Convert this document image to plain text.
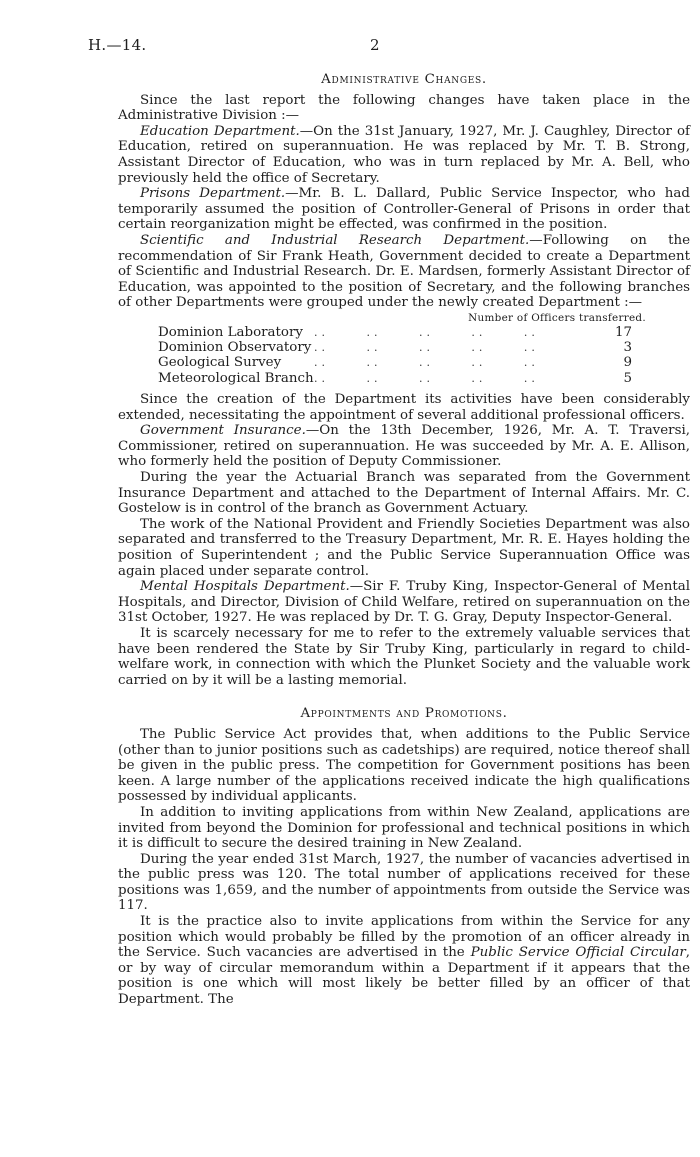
H.—14.	2
Administrative Changes.

Since the last report the following changes have taken place in the Administrative Division :—

Education Department.—On the 31st January, 1927, Mr. J. Caughley, Director of Education, retired on superannuation. He was replaced by Mr. T. B. Strong, Assistant Director of Education, who was in turn replaced by Mr. A. Bell, who previously held the office of Secretary.

Prisons Department.—Mr. B. L. Dallard, Public Service Inspector, who had temporarily assumed the position of Controller-General of Prisons in order that certain reorganization might be effected, was confirmed in the position.

Scientific and Industrial Research Department.—Following on the recommendation of Sir Frank Heath, Government decided to create a Department of Scientific and Industrial Research. Dr. E. Mardsen, formerly Assistant Director of Education, was appointed to the position of Secretary, and the following branches of other Departments were grouped under the newly created Department :—

Number of Officers transferred.
Dominion Laboratory ..     ..     ..     ..     ..	17
Dominion Observatory ..     ..     ..     ..     ..	3
Geological Survey	..     ..     ..     ..     ..	9
Meteorological Branch ..     ..     ..     ..     ..	5

Since the creation of the Department its activities have been considerably extended, necessitating the appointment of several additional professional officers.

Government Insurance.—On the 13th December, 1926, Mr. A. T. Traversi, Commissioner, retired on superannuation. He was succeeded by Mr. A. E. Allison, who formerly held the position of Deputy Commissioner.

During the year the Actuarial Branch was separated from the Government Insurance Department and attached to the Department of Internal Affairs. Mr. C. Gostelow is in control of the branch as Government Actuary.

The work of the National Provident and Friendly Societies Department was also separated and transferred to the Treasury Department, Mr. R. E. Hayes holding the position of Superintendent ; and the Public Service Superannuation Office was again placed under separate control.

Mental Hospitals Department.—Sir F. Truby King, Inspector-General of Mental Hospitals, and Director, Division of Child Welfare, retired on superannuation on the 31st October, 1927. He was replaced by Dr. T. G. Gray, Deputy Inspector-General.

It is scarcely necessary for me to refer to the extremely valuable services that have been rendered the State by Sir Truby King, particularly in regard to child-welfare work, in connection with which the Plunket Society and the valuable work carried on by it will be a lasting memorial.

Appointments and Promotions.

The Public Service Act provides that, when additions to the Public Service (other than to junior positions such as cadetships) are required, notice thereof shall be given in the public press. The competition for Government positions has been keen. A large number of the applications received indicate the high qualifications possessed by individual applicants.

In addition to inviting applications from within New Zealand, applications are invited from beyond the Dominion for professional and technical positions in which it is difficult to secure the desired training in New Zealand.

During the year ended 31st March, 1927, the number of vacancies advertised in the public press was 120. The total number of applications received for these positions was 1,659, and the number of appointments from outside the Service was 117.

It is the practice also to invite applications from within the Service for any position which would probably be filled by the promotion of an officer already in the Service. Such vacancies are advertised in the Public Service Official Circular, or by way of circular memorandum within a Department if it appears that the position is one which will most likely be better filled by an officer of that Department. The
